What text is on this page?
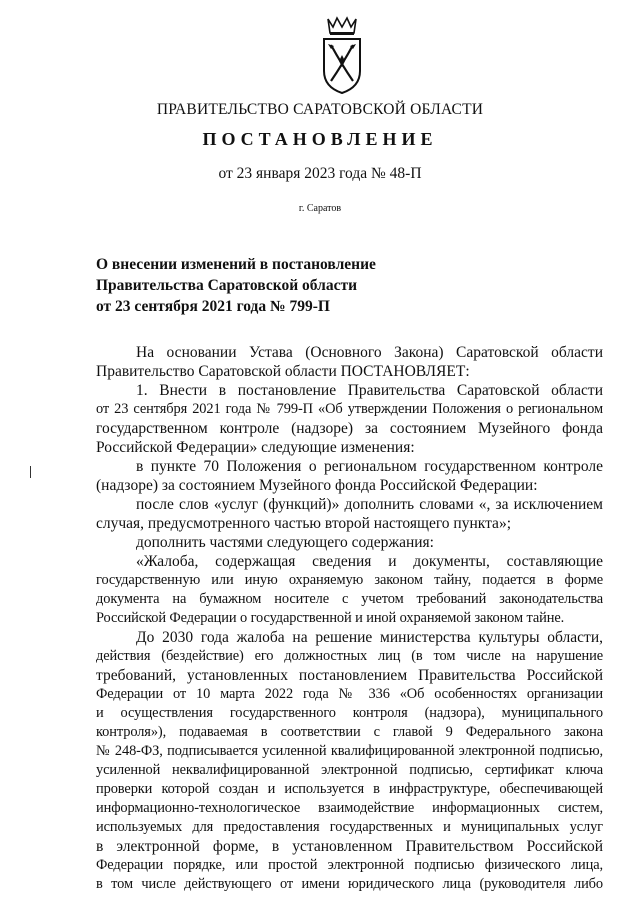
ПРАВИТЕЛЬСТВО САРАТОВСКОЙ ОБЛАСТИ
ПОСТАНОВЛЕНИЕ
от 23 января 2023 года № 48-П
г. Саратов
О внесении изменений в постановление
Правительства Саратовской области
от 23 сентября 2021 года № 799-П
На основании Устава (Основного Закона) Саратовской области
Правительство Саратовской области ПОСТАНОВЛЯЕТ:
1. Внести в постановление Правительства Саратовской области
от 23 сентября 2021 года № 799-П «Об утверждении Положения о региональном
государственном контроле (надзоре) за состоянием Музейного фонда
Российской Федерации» следующие изменения:
в пункте 70 Положения о региональном государственном контроле
(надзоре) за состоянием Музейного фонда Российской Федерации:
после слов «услуг (функций)» дополнить словами «, за исключением
случая, предусмотренного частью второй настоящего пункта»;
дополнить частями следующего содержания:
«Жалоба, содержащая сведения и документы, составляющие
государственную или иную охраняемую законом тайну, подается в форме
документа на бумажном носителе с учетом требований законодательства
Российской Федерации о государственной и иной охраняемой законом тайне.
До 2030 года жалоба на решение министерства культуры области,
действия (бездействие) его должностных лиц (в том числе на нарушение
требований, установленных постановлением Правительства Российской
Федерации от 10 марта 2022 года № 336 «Об особенностях организации
и осуществления государственного контроля (надзора), муниципального
контроля»), подаваемая в соответствии с главой 9 Федерального закона
№ 248-ФЗ, подписывается усиленной квалифицированной электронной подписью,
усиленной неквалифицированной электронной подписью, сертификат ключа
проверки которой создан и используется в инфраструктуре, обеспечивающей
информационно-технологическое взаимодействие информационных систем,
используемых для предоставления государственных и муниципальных услуг
в электронной форме, в установленном Правительством Российской
Федерации порядке, или простой электронной подписью физического лица,
в том числе действующего от имени юридического лица (руководителя либо
